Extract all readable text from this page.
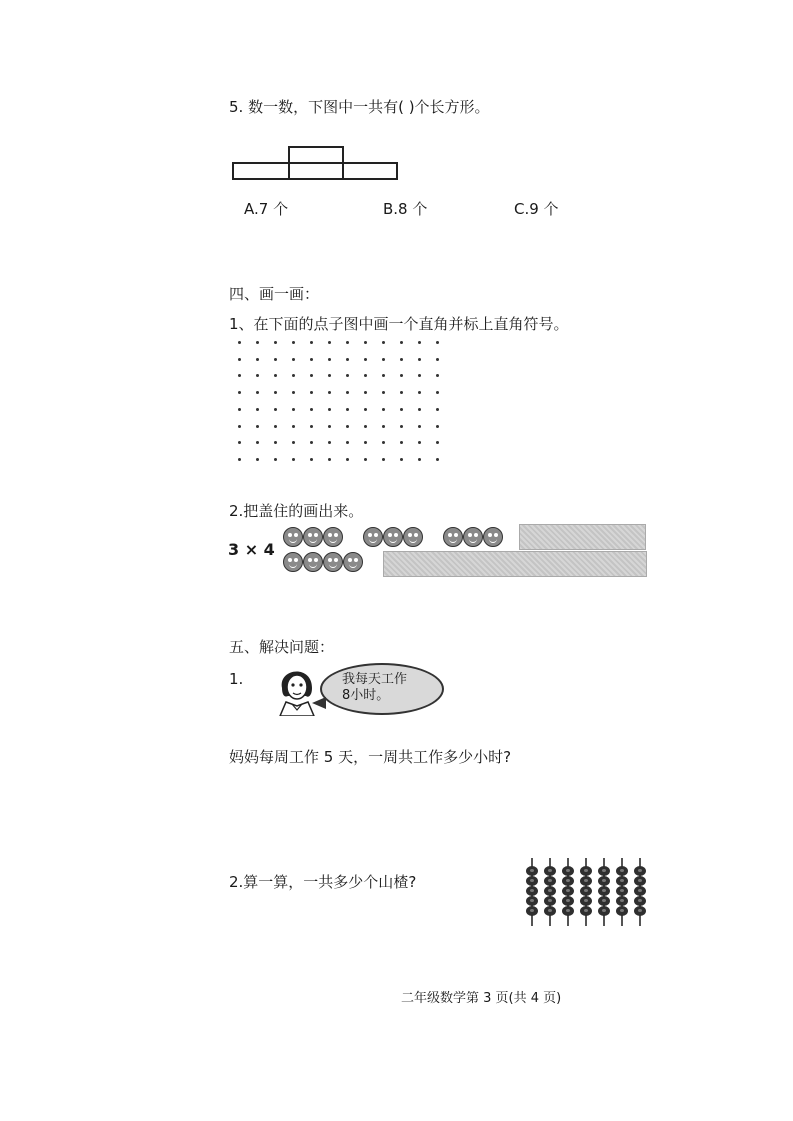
5. 数一数，下图中一共有( )个长方形。
A.7 个	B.8 个	C.9 个
四、画一画：
1、在下面的点子图中画一个直角并标上直角符号。
2.把盖住的画出来。
3 × 4
五、解决问题：
1.	我每天工作
8小时。
妈妈每周工作 5 天，一周共工作多少小时?
2.算一算，一共多少个山楂?
二年级数学第 3 页(共 4 页)
